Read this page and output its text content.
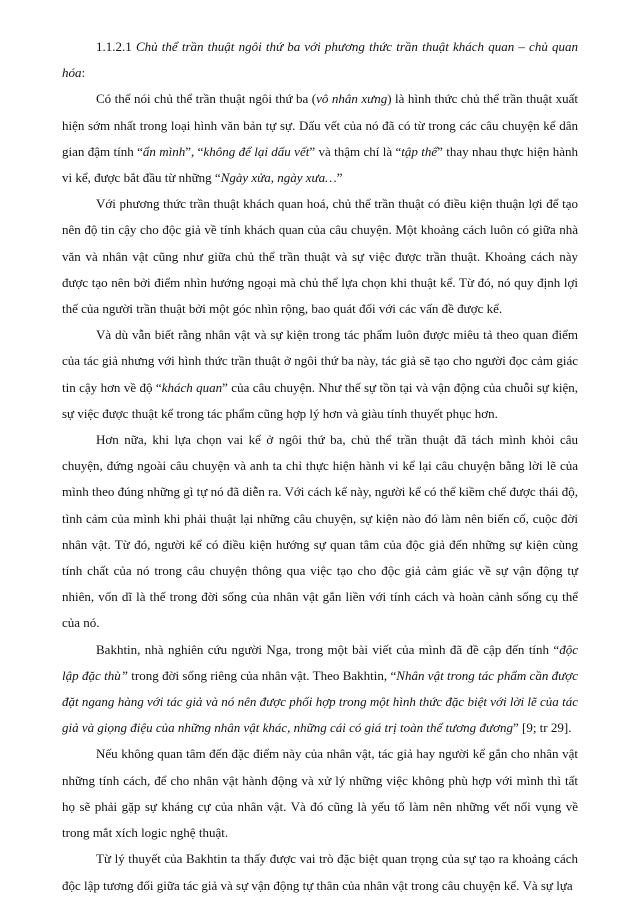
1.1.2.1 Chủ thể trần thuật ngôi thứ ba với phương thức trần thuật khách quan – chủ quan hóa:

Có thể nói chủ thể trần thuật ngôi thứ ba (vô nhân xưng) là hình thức chủ thể trần thuật xuất hiện sớm nhất trong loại hình văn bản tự sự. Dấu vết của nó đã có từ trong các câu chuyện kể dân gian đậm tính “ẩn mình”, “không để lại dấu vết” và thậm chí là “tập thể” thay nhau thực hiện hành vi kể, được bắt đầu từ những “Ngày xửa, ngày xưa…”

Với phương thức trần thuật khách quan hoá, chủ thể trần thuật có điều kiện thuận lợi để tạo nên độ tin cậy cho độc giả về tính khách quan của câu chuyện. Một khoảng cách luôn có giữa nhà văn và nhân vật cũng như giữa chủ thể trần thuật và sự việc được trần thuật. Khoảng cách này được tạo nên bởi điểm nhìn hướng ngoại mà chủ thể lựa chọn khi thuật kể. Từ đó, nó quy định lợi thế của người trần thuật bởi một góc nhìn rộng, bao quát đối với các vấn đề được kể.

Và dù vẫn biết rằng nhân vật và sự kiện trong tác phẩm luôn được miêu tả theo quan điểm của tác giả nhưng với hình thức trần thuật ở ngôi thứ ba này, tác giả sẽ tạo cho người đọc cảm giác tin cậy hơn về độ “khách quan” của câu chuyện. Như thế sự tồn tại và vận động của chuỗi sự kiện, sự việc được thuật kể trong tác phẩm cũng hợp lý hơn và giàu tính thuyết phục hơn.

Hơn nữa, khi lựa chọn vai kể ở ngôi thứ ba, chủ thể trần thuật đã tách mình khỏi câu chuyện, đứng ngoài câu chuyện và anh ta chỉ thực hiện hành vi kể lại câu chuyện bằng lời lẽ của mình theo đúng những gì tự nó đã diễn ra. Với cách kể này, người kể có thể kiềm chế được thái độ, tình cảm của mình khi phải thuật lại những câu chuyện, sự kiện nào đó làm nên biến cố, cuộc đời nhân vật. Từ đó, người kể có điều kiện hướng sự quan tâm của độc giả đến những sự kiện cùng tính chất của nó trong câu chuyện thông qua việc tạo cho độc giả cảm giác về sự vận động tự nhiên, vốn dĩ là thế trong đời sống của nhân vật gắn liền với tính cách và hoàn cảnh sống cụ thể của nó.

Bakhtin, nhà nghiên cứu người Nga, trong một bài viết của mình đã đề cập đến tính “độc lập đặc thù” trong đời sống riêng của nhân vật. Theo Bakhtin, “Nhân vật trong tác phẩm cần được đặt ngang hàng với tác giả và nó nên được phối hợp trong một hình thức đặc biệt với lời lẽ của tác giả và giọng điệu của những nhân vật khác, những cái có giá trị toàn thể tương đương” [9; tr 29].

Nếu không quan tâm đến đặc điểm này của nhân vật, tác giả hay người kể gắn cho nhân vật những tính cách, để cho nhân vật hành động và xử lý những việc không phù hợp với mình thì tất họ sẽ phải gặp sự kháng cự của nhân vật. Và đó cũng là yếu tố làm nên những vết nối vụng về trong mắt xích logic nghệ thuật.

Từ lý thuyết của Bakhtin ta thấy được vai trò đặc biệt quan trọng của sự tạo ra khoảng cách độc lập tương đối giữa tác giả và sự vận động tự thân của nhân vật trong câu chuyện kể. Và sự lựa
